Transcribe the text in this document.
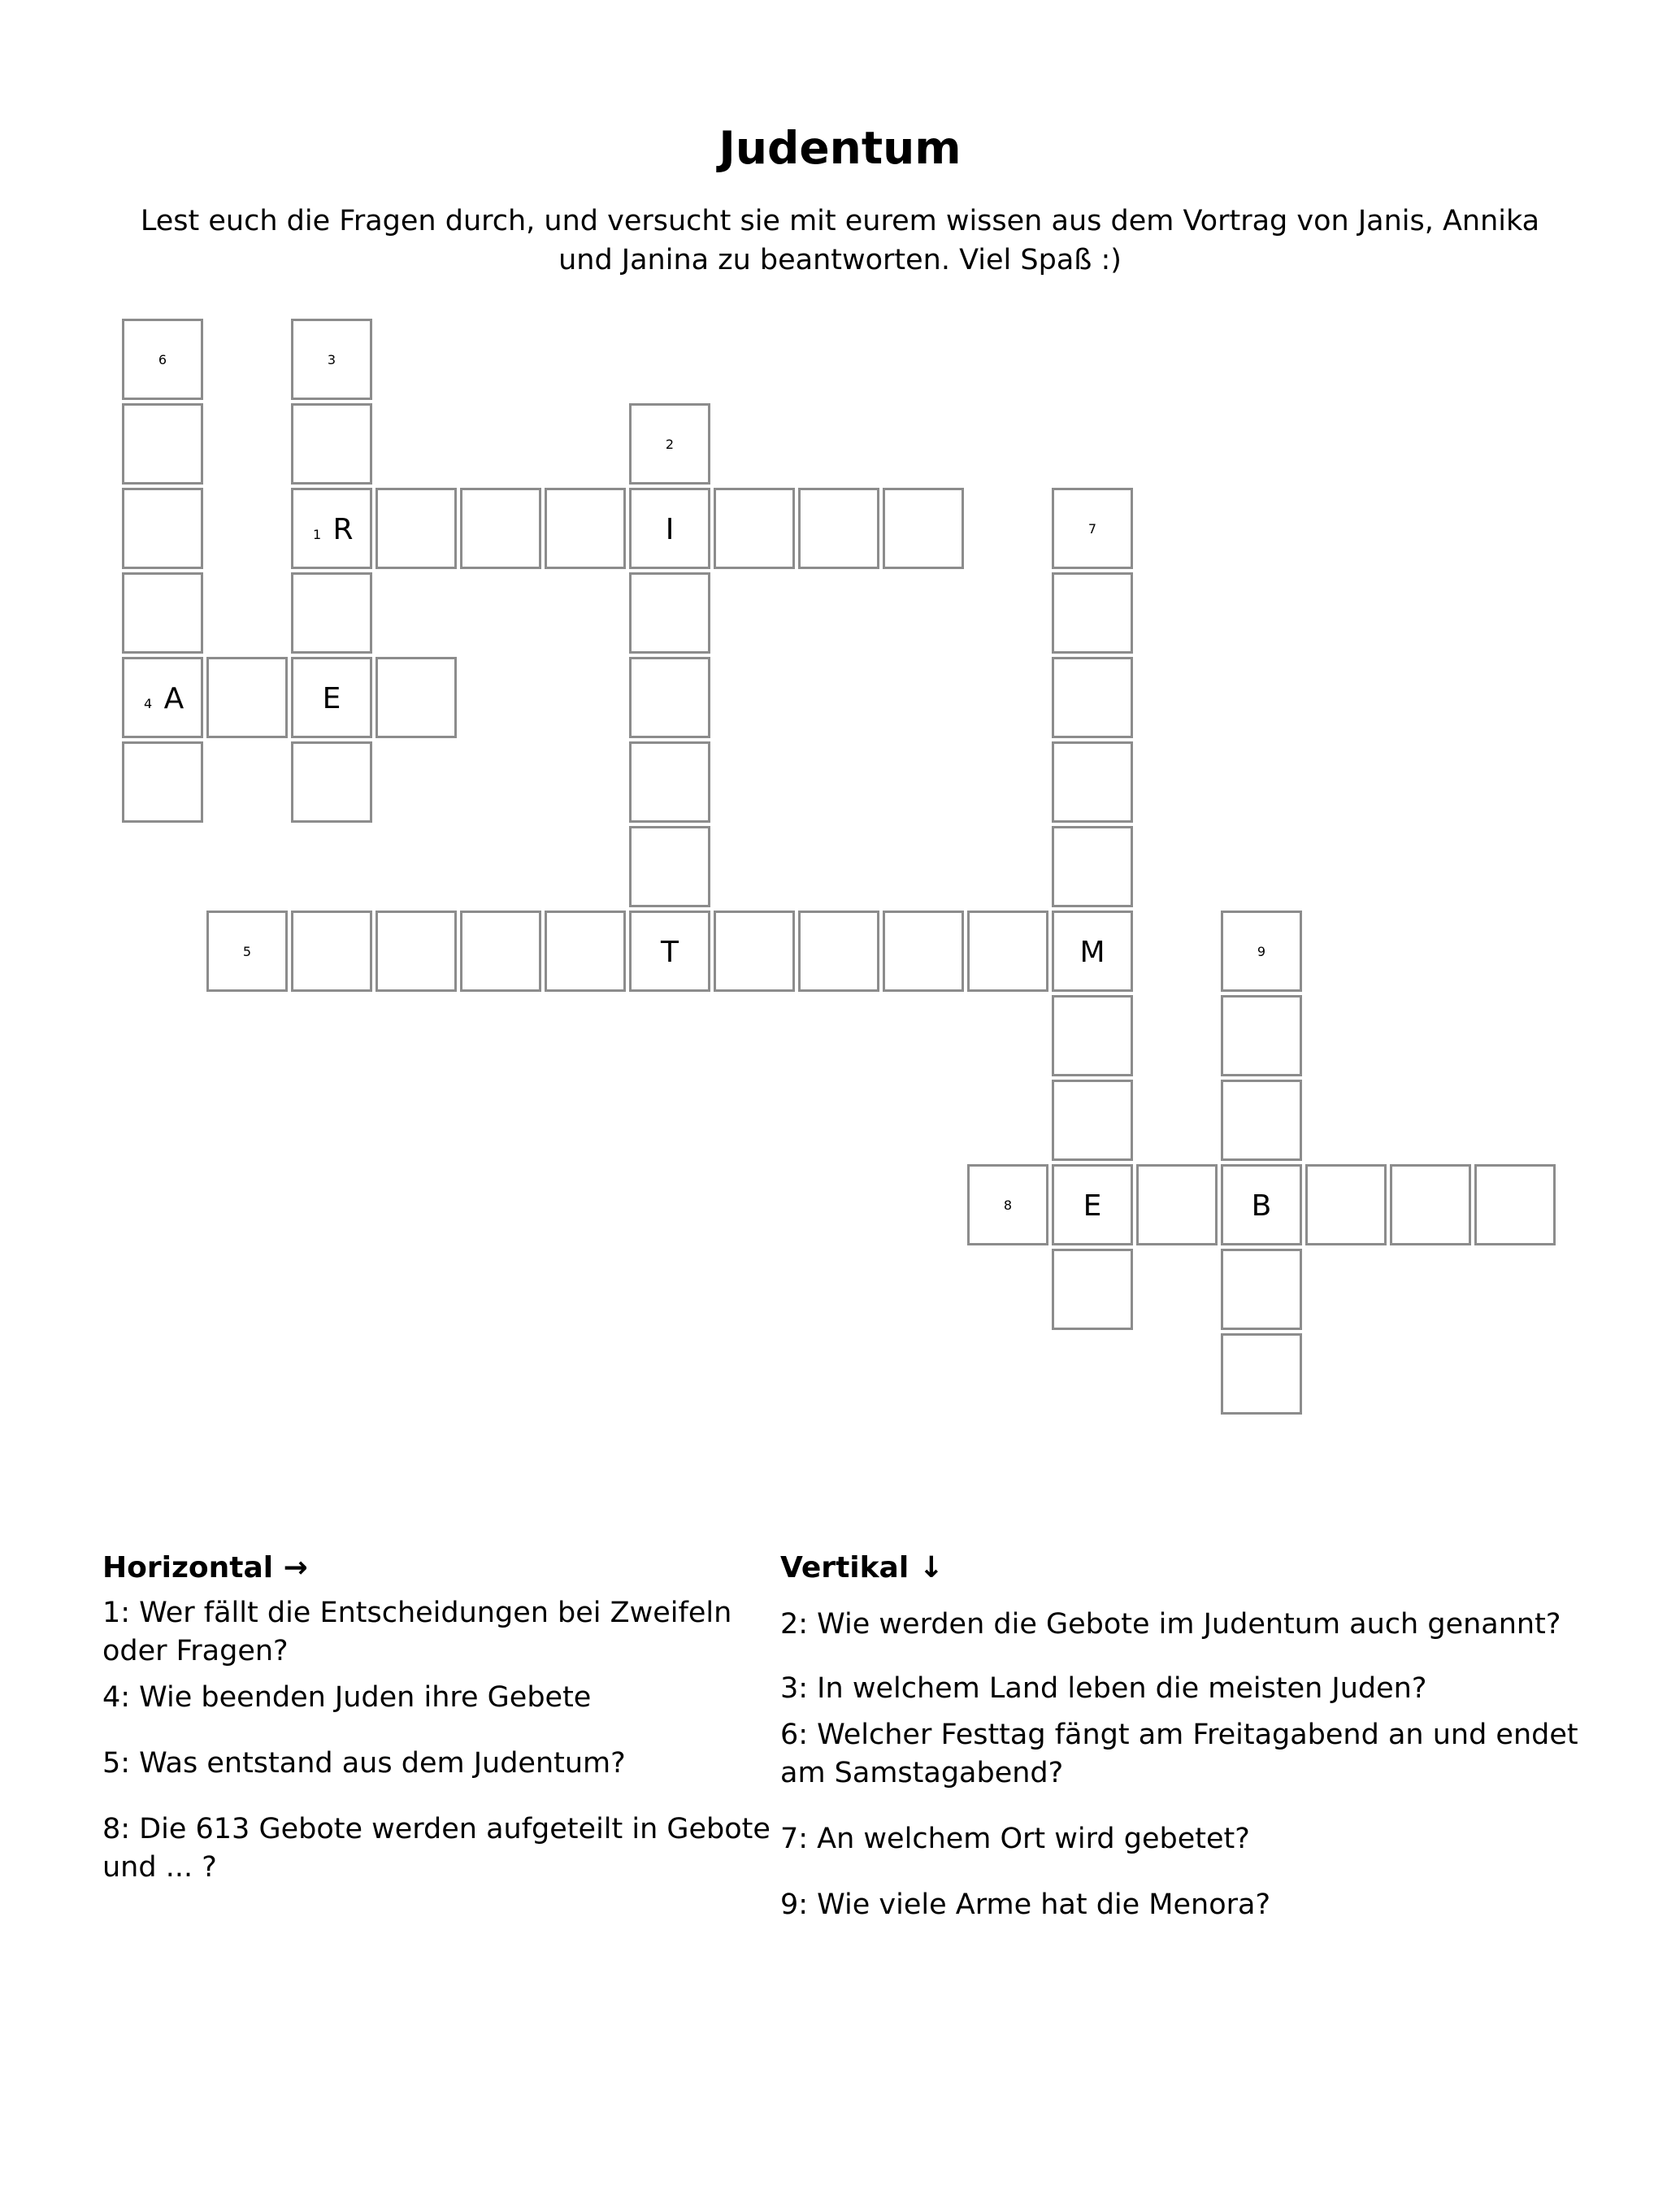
Judentum
Lest euch die Fragen durch, und versucht sie mit eurem wissen aus dem Vortrag von Janis, Annika und Janina zu beantworten. Viel Spaß :)
6	3
2
1 R	I	7
4 A	E
5	T	M	9
8	E	B
Horizontal →
1: Wer fällt die Entscheidungen bei Zweifeln oder Fragen?
4: Wie beenden Juden ihre Gebete
5: Was entstand aus dem Judentum?
8: Die 613 Gebote werden aufgeteilt in Gebote und ... ?
Vertikal ↓
2: Wie werden die Gebote im Judentum auch genannt?
3: In welchem Land leben die meisten Juden?
6: Welcher Festtag fängt am Freitagabend an und endet am Samstagabend?
7: An welchem Ort wird gebetet?
9: Wie viele Arme hat die Menora?
